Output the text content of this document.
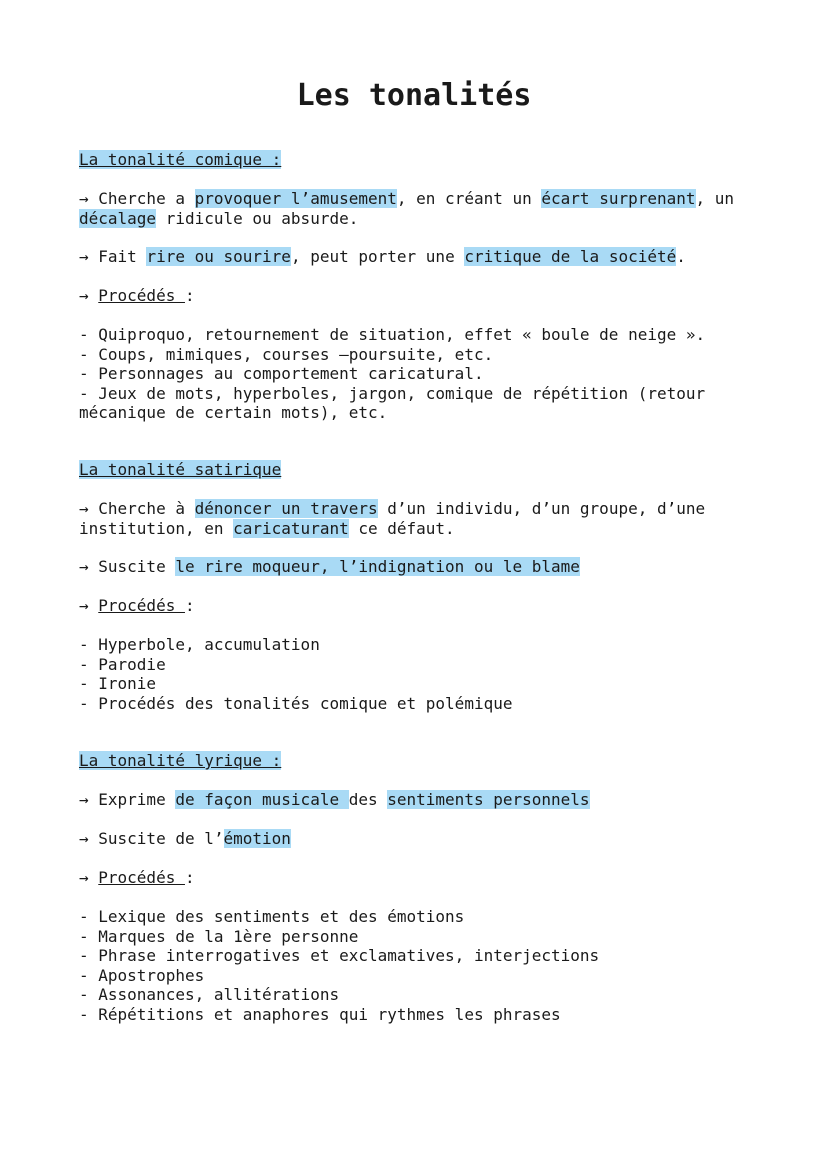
Les tonalités
La tonalité comique :
→ Cherche a provoquer l’amusement, en créant un écart surprenant, un
décalage ridicule ou absurde.
→ Fait rire ou sourire, peut porter une critique de la société.
→ Procédés :
- Quiproquo, retournement de situation, effet « boule de neige ».
- Coups, mimiques, courses –poursuite, etc.
- Personnages au comportement caricatural.
- Jeux de mots, hyperboles, jargon, comique de répétition (retour
mécanique de certain mots), etc.
La tonalité satirique
→ Cherche à dénoncer un travers d’un individu, d’un groupe, d’une
institution, en caricaturant ce défaut.
→ Suscite le rire moqueur, l’indignation ou le blame
→ Procédés :
- Hyperbole, accumulation
- Parodie
- Ironie
- Procédés des tonalités comique et polémique
La tonalité lyrique :
→ Exprime de façon musicale des sentiments personnels
→ Suscite de l’émotion
→ Procédés :
- Lexique des sentiments et des émotions
- Marques de la 1ère personne
- Phrase interrogatives et exclamatives, interjections
- Apostrophes
- Assonances, allitérations
- Répétitions et anaphores qui rythmes les phrases
